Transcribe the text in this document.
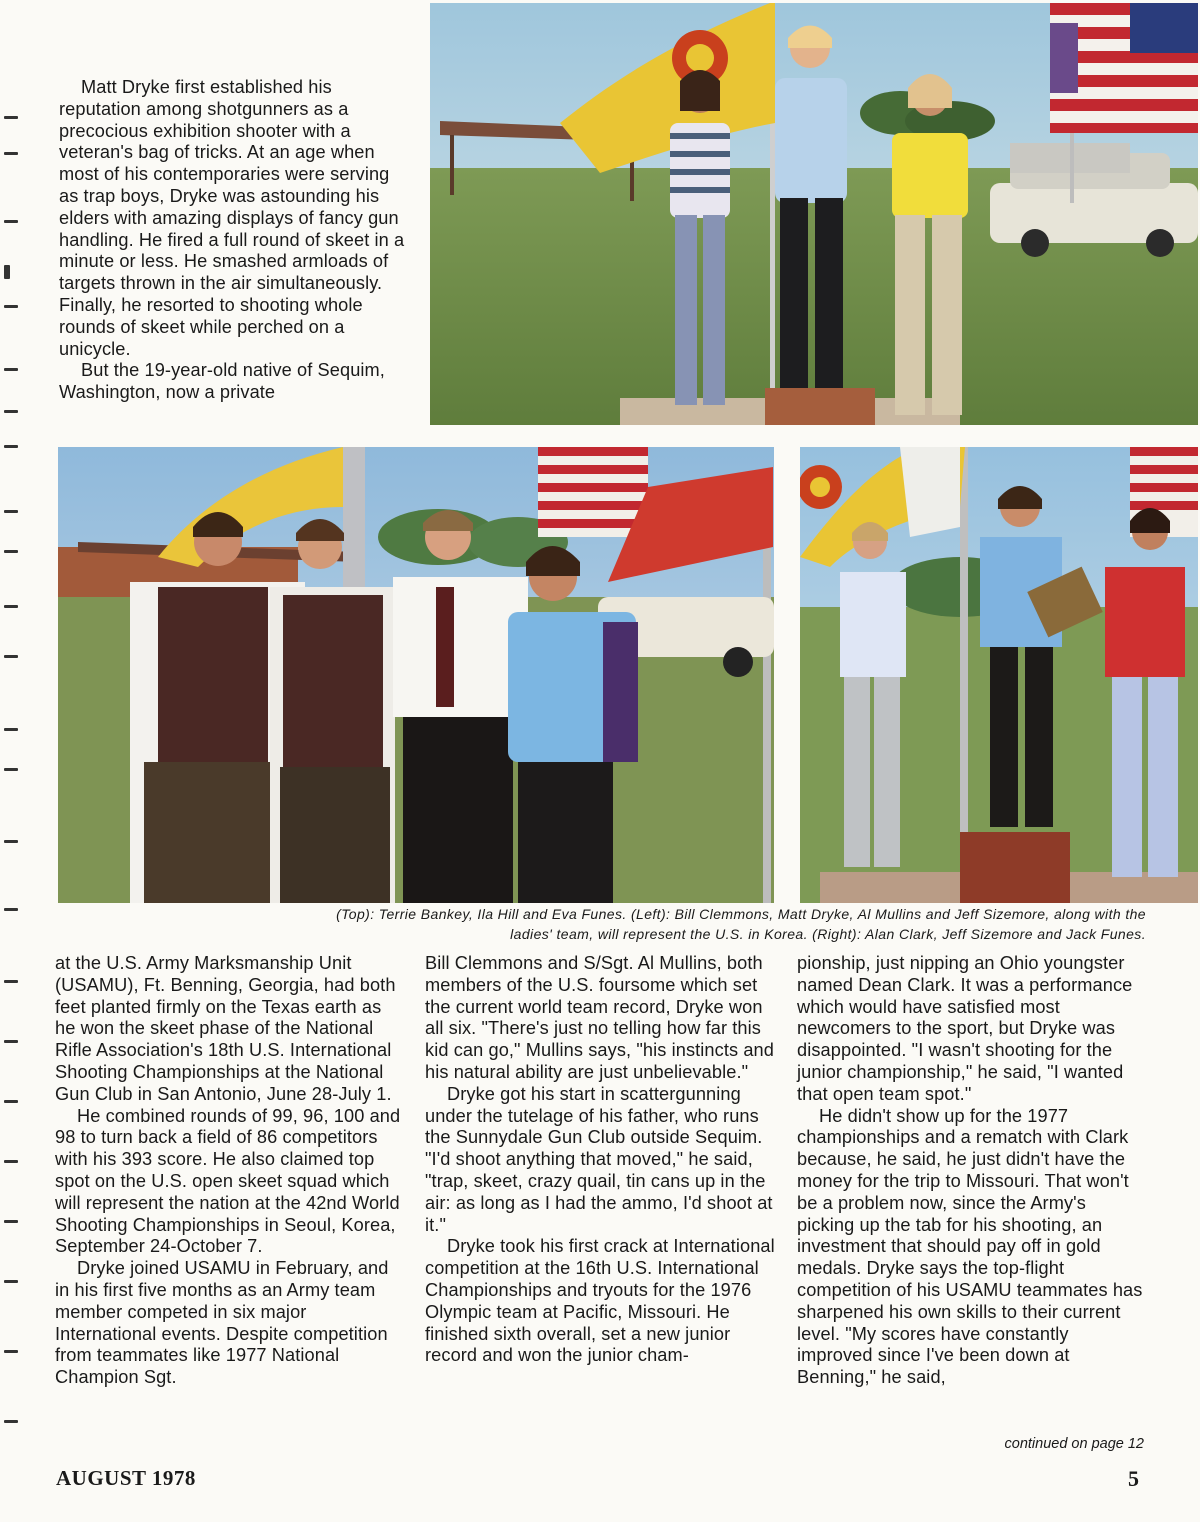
Matt Dryke first established his reputation among shotgunners as a precocious exhibition shooter with a veteran's bag of tricks. At an age when most of his contemporaries were serving as trap boys, Dryke was astounding his elders with amazing displays of fancy gun handling. He fired a full round of skeet in a minute or less. He smashed armloads of targets thrown in the air simultaneously. Finally, he resorted to shooting whole rounds of skeet while perched on a unicycle.

But the 19-year-old native of Sequim, Washington, now a private

(Top): Terrie Bankey, Ila Hill and Eva Funes. (Left): Bill Clemmons, Matt Dryke, Al Mullins and Jeff Sizemore, along with the
ladies' team, will represent the U.S. in Korea. (Right): Alan Clark, Jeff Sizemore and Jack Funes.

at the U.S. Army Marksmanship Unit (USAMU), Ft. Benning, Georgia, had both feet planted firmly on the Texas earth as he won the skeet phase of the National Rifle Association's 18th U.S. International Shooting Championships at the National Gun Club in San Antonio, June 28-July 1.

He combined rounds of 99, 96, 100 and 98 to turn back a field of 86 competitors with his 393 score. He also claimed top spot on the U.S. open skeet squad which will represent the nation at the 42nd World Shooting Championships in Seoul, Korea, September 24-October 7.

Dryke joined USAMU in February, and in his first five months as an Army team member competed in six major International events. Despite competition from teammates like 1977 National Champion Sgt.

Bill Clemmons and S/Sgt. Al Mullins, both members of the U.S. foursome which set the current world team record, Dryke won all six. "There's just no telling how far this kid can go," Mullins says, "his instincts and his natural ability are just unbelievable."

Dryke got his start in scattergunning under the tutelage of his father, who runs the Sunnydale Gun Club outside Sequim. "I'd shoot anything that moved," he said, "trap, skeet, crazy quail, tin cans up in the air: as long as I had the ammo, I'd shoot at it."

Dryke took his first crack at International competition at the 16th U.S. International Championships and tryouts for the 1976 Olympic team at Pacific, Missouri. He finished sixth overall, set a new junior record and won the junior cham-

pionship, just nipping an Ohio youngster named Dean Clark. It was a performance which would have satisfied most newcomers to the sport, but Dryke was disappointed. "I wasn't shooting for the junior championship," he said, "I wanted that open team spot."

He didn't show up for the 1977 championships and a rematch with Clark because, he said, he just didn't have the money for the trip to Missouri. That won't be a problem now, since the Army's picking up the tab for his shooting, an investment that should pay off in gold medals. Dryke says the top-flight competition of his USAMU teammates has sharpened his own skills to their current level. "My scores have constantly improved since I've been down at Benning," he said,

continued on page 12
AUGUST 1978	5
